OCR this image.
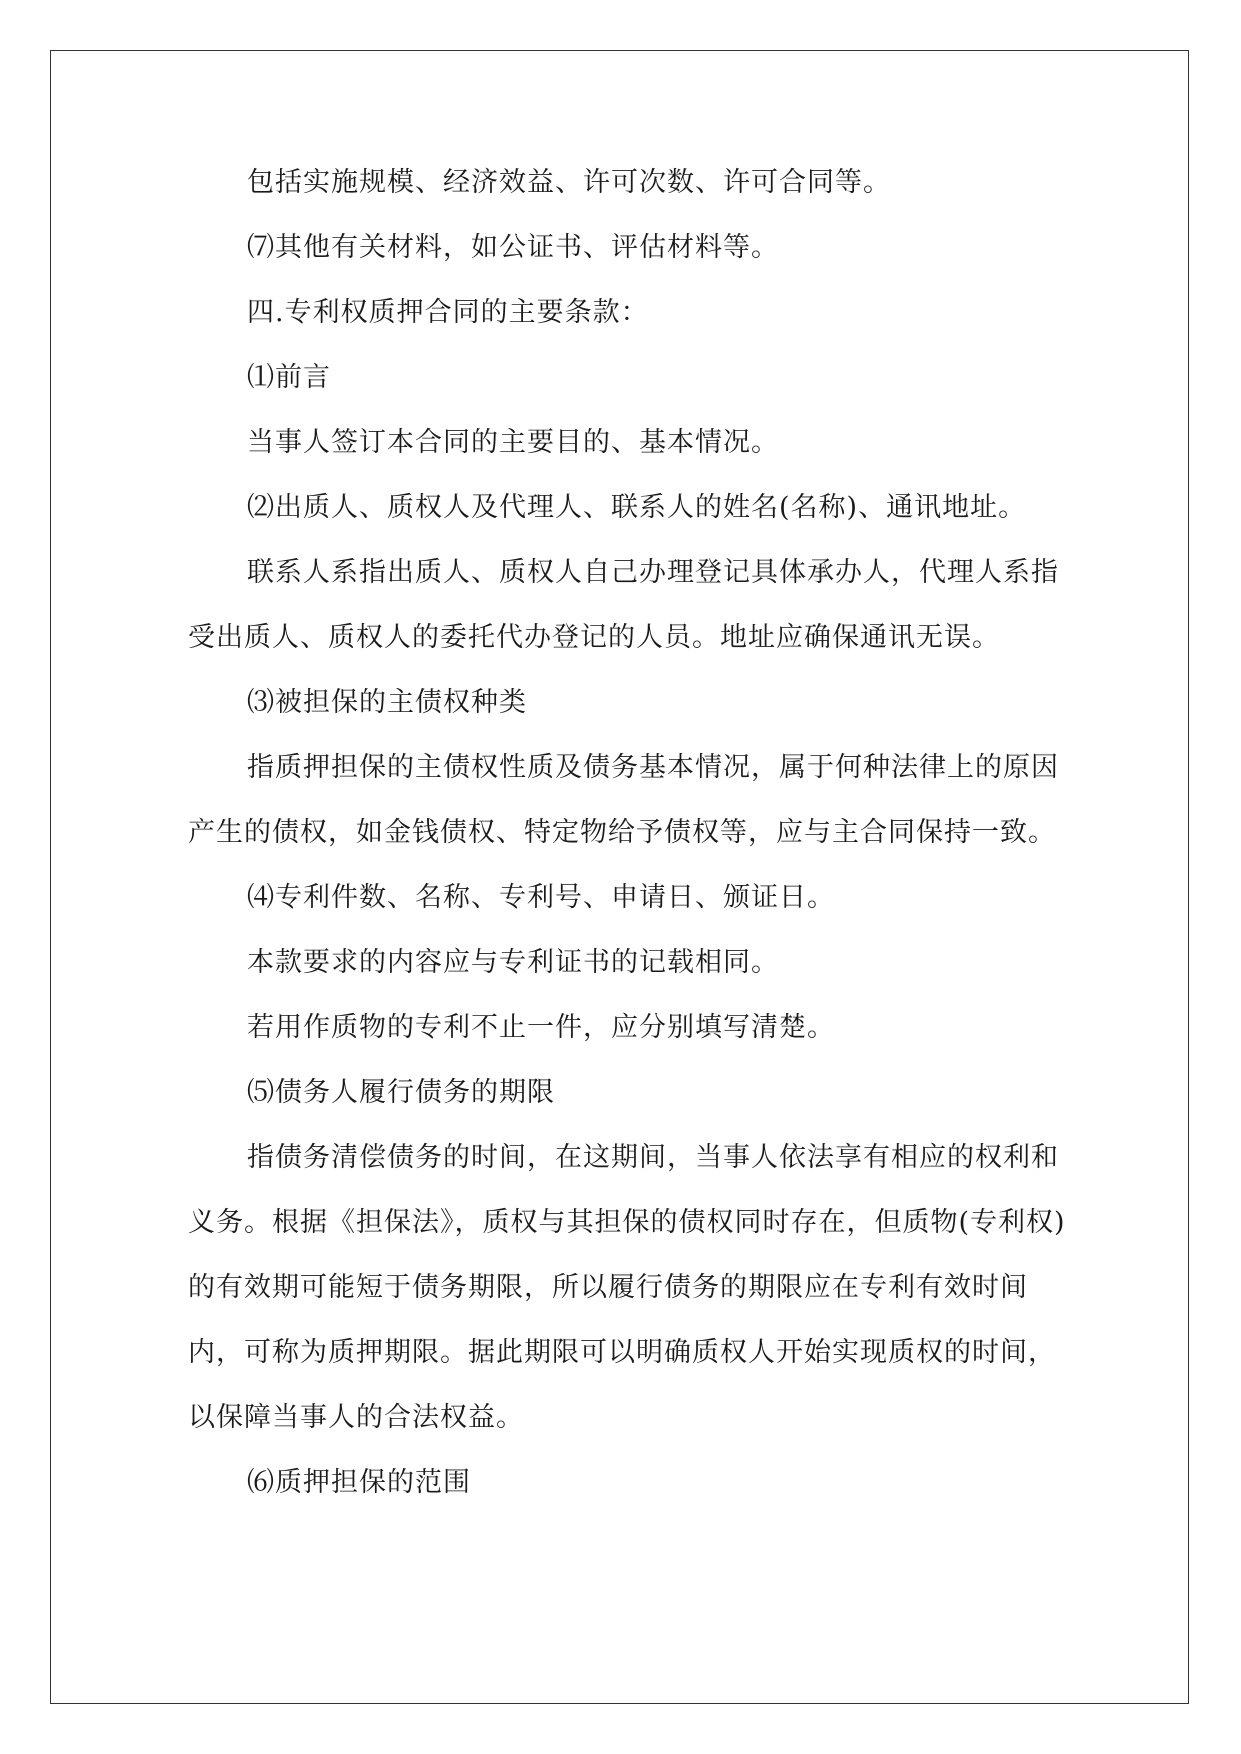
包括实施规模、经济效益、许可次数、许可合同等。

⑺其他有关材料，如公证书、评估材料等。

四.专利权质押合同的主要条款：

⑴前言

当事人签订本合同的主要目的、基本情况。

⑵出质人、质权人及代理人、联系人的姓名(名称)、通讯地址。

联系人系指出质人、质权人自己办理登记具体承办人，代理人系指受出质人、质权人的委托代办登记的人员。地址应确保通讯无误。

⑶被担保的主债权种类

指质押担保的主债权性质及债务基本情况，属于何种法律上的原因产生的债权，如金钱债权、特定物给予债权等，应与主合同保持一致。

⑷专利件数、名称、专利号、申请日、颁证日。

本款要求的内容应与专利证书的记载相同。

若用作质物的专利不止一件，应分别填写清楚。

⑸债务人履行债务的期限

指债务清偿债务的时间，在这期间，当事人依法享有相应的权利和义务。根据《担保法》，质权与其担保的债权同时存在，但质物(专利权)的有效期可能短于债务期限，所以履行债务的期限应在专利有效时间内，可称为质押期限。据此期限可以明确质权人开始实现质权的时间，以保障当事人的合法权益。

⑹质押担保的范围
